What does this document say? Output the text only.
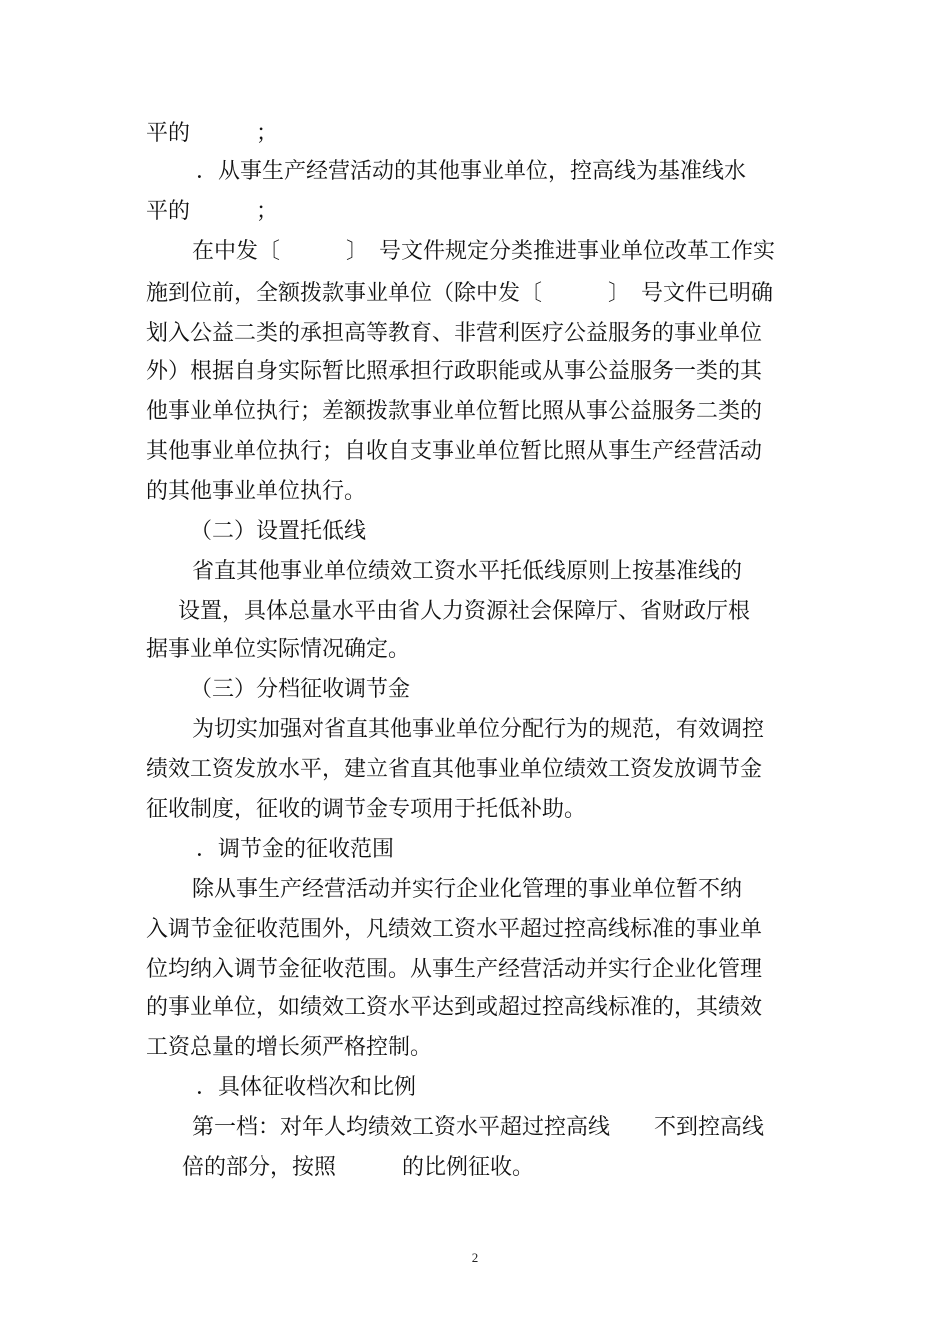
平的　　　；
．从事生产经营活动的其他事业单位，控高线为基准线水
平的　　　；
在中发〔　　　〕　号文件规定分类推进事业单位改革工作实
施到位前，全额拨款事业单位（除中发〔　　　〕　号文件已明确
划入公益二类的承担高等教育、非营利医疗公益服务的事业单位
外）根据自身实际暂比照承担行政职能或从事公益服务一类的其
他事业单位执行；差额拨款事业单位暂比照从事公益服务二类的
其他事业单位执行；自收自支事业单位暂比照从事生产经营活动
的其他事业单位执行。
（二）设置托低线
省直其他事业单位绩效工资水平托低线原则上按基准线的
设置，具体总量水平由省人力资源社会保障厅、省财政厅根
据事业单位实际情况确定。
（三）分档征收调节金
为切实加强对省直其他事业单位分配行为的规范，有效调控
绩效工资发放水平，建立省直其他事业单位绩效工资发放调节金
征收制度，征收的调节金专项用于托低补助。
．调节金的征收范围
除从事生产经营活动并实行企业化管理的事业单位暂不纳
入调节金征收范围外，凡绩效工资水平超过控高线标准的事业单
位均纳入调节金征收范围。从事生产经营活动并实行企业化管理
的事业单位，如绩效工资水平达到或超过控高线标准的，其绩效
工资总量的增长须严格控制。
．具体征收档次和比例
第一档：对年人均绩效工资水平超过控高线　　不到控高线
倍的部分，按照　　　的比例征收。
2
